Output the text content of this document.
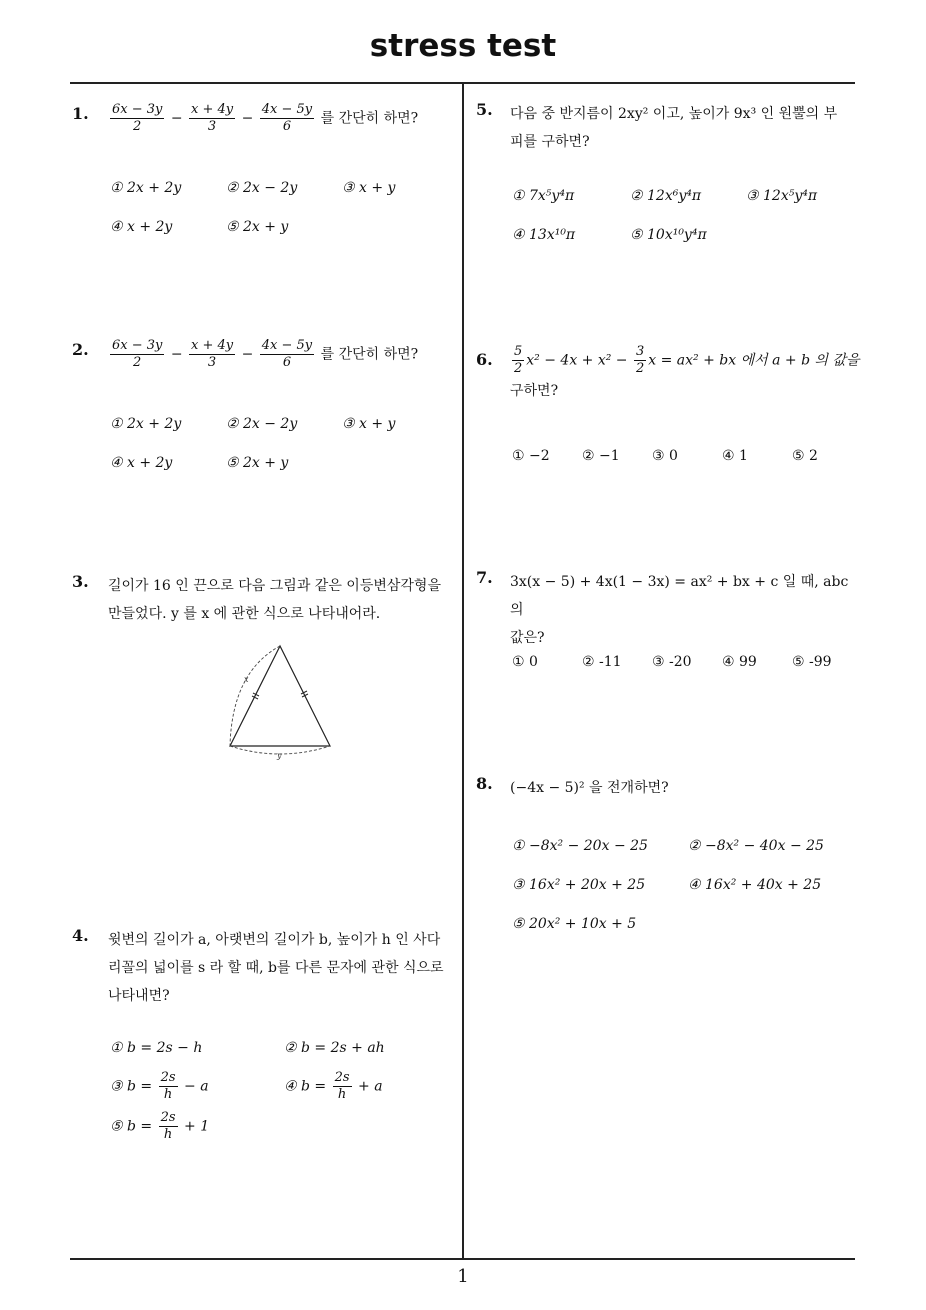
stress test
1
1. $\frac{6x - 3y}{2} - \frac{x + 4y}{3} - \frac{4x - 5y}{6}$ 를 간단히 하면?
① 2x + 2y	② 2x − 2y	③ x + y
④ x + 2y	⑤ 2x + y
2. $\frac{6x - 3y}{2} - \frac{x + 4y}{3} - \frac{4x - 5y}{6}$ 를 간단히 하면?
① 2x + 2y	② 2x − 2y	③ x + y
④ x + 2y	⑤ 2x + y
3. 길이가 16 인 끈으로 다음 그림과 같은 이등변삼각형을
만들었다. y 를 x 에 관한 식으로 나타내어라.
x
y
4. 윗변의 길이가 a, 아랫변의 길이가 b, 높이가 h 인 사다
리꼴의 넓이를 s 라 할 때, b를 다른 문자에 관한 식으로
나타내면?
① b = 2s − h	② b = 2s + ah
③ $b = \frac{2s}{h} - a$	④ $b = \frac{2s}{h} + a$
⑤ $b = \frac{2s}{h} + 1$
5. 다음 중 반지름이 2xy² 이고, 높이가 9x³ 인 원뿔의 부
피를 구하면?
① 7x⁵y⁴π	② 12x⁶y⁴π	③ 12x⁵y⁴π
④ 13x¹⁰π	⑤ 10x¹⁰y⁴π
6. $\frac{5}{2} x^2 - 4x + x^2 - \frac{3}{2}$ x = ax² + bx 에서 a + b 의 값을
구하면?
① −2 ② −1 ③ 0	④ 1	⑤ 2
7. 3x(x − 5) + 4x(1 − 3x) = ax² + bx + c 일 때, abc 의
값은?
① 0	② -11 ③ -20 ④ 99	⑤ -99
8. (−4x − 5)² 을 전개하면?
① −8x² − 20x − 25	② −8x² − 40x − 25
③ 16x² + 20x + 25	④ 16x² + 40x + 25
⑤ 20x² + 10x + 5
